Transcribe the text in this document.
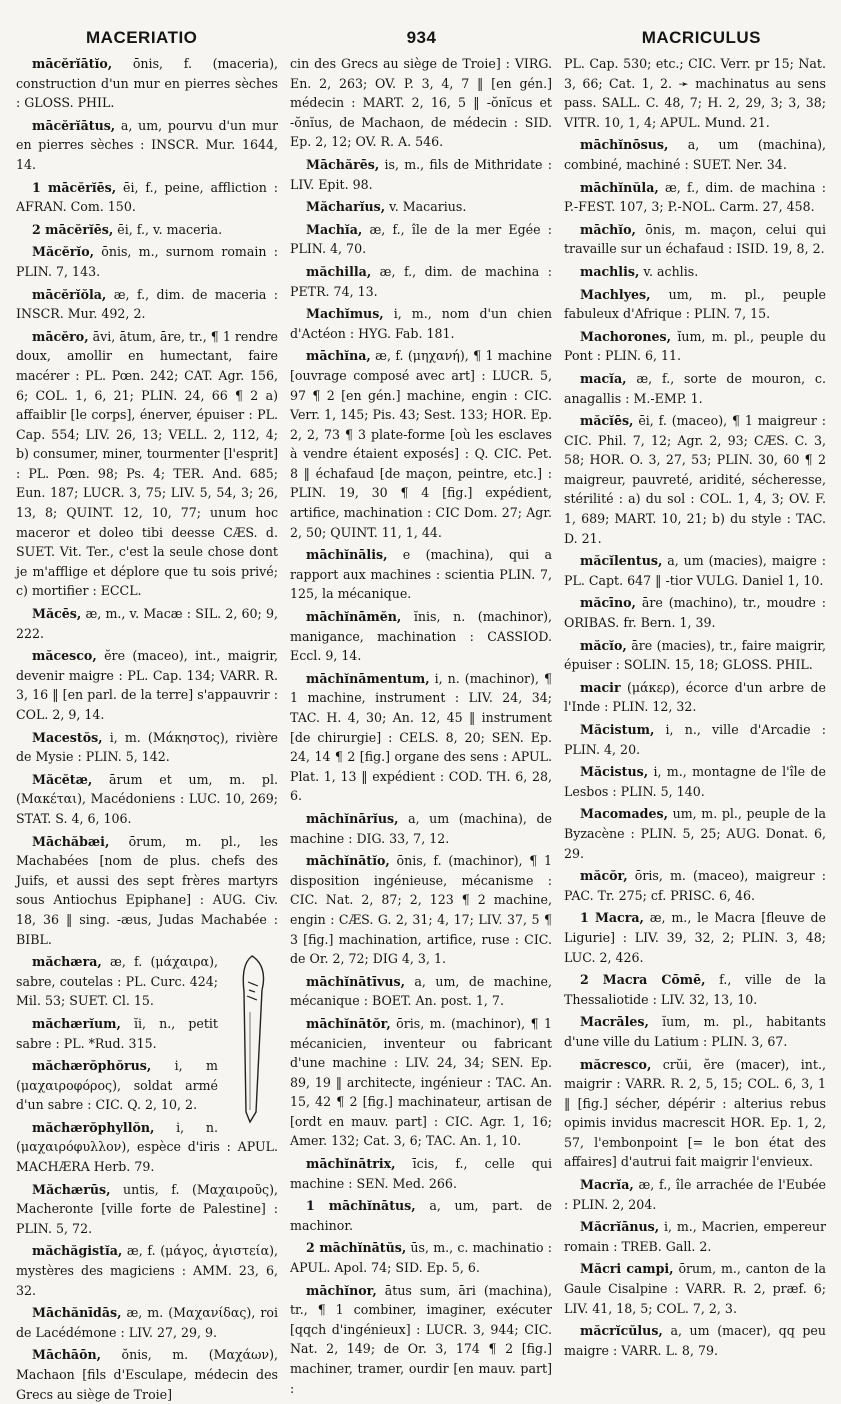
MACERIATIO	934	MACRICULUS

mācĕrĭātĭo, ōnis, f. (maceria), construction d'un mur en pierres sèches : GLOSS. PHIL.

mācĕrĭātus, a, um, pourvu d'un mur en pierres sèches : INSCR. Mur. 1644, 14.

1 mācĕrĭēs, ēi, f., peine, affliction : AFRAN. Com. 150.

2 mācĕrĭēs, ēi, f., v. maceria.

Măcĕrĭo, ōnis, m., surnom romain : PLIN. 7, 143.

mācĕrĭŏla, æ, f., dim. de maceria : INSCR. Mur. 492, 2.

mācĕro, āvi, ātum, āre, tr., ¶ 1 rendre doux, amollir en humectant, faire macérer : PL. Pœn. 242; CAT. Agr. 156, 6; COL. 1, 6, 21; PLIN. 24, 66 ¶ 2 a) affaiblir [le corps], énerver, épuiser : PL. Cap. 554; LIV. 26, 13; VELL. 2, 112, 4; b) consumer, miner, tourmenter [l'esprit] : PL. Pœn. 98; Ps. 4; TER. And. 685; Eun. 187; LUCR. 3, 75; LIV. 5, 54, 3; 26, 13, 8; QUINT. 12, 10, 77; unum hoc maceror et doleo tibi deesse CÆS. d. SUET. Vit. Ter., c'est la seule chose dont je m'afflige et déplore que tu sois privé; c) mortifier : ECCL.

Măcēs, æ, m., v. Macæ : SIL. 2, 60; 9, 222.

măcesco, ĕre (maceo), int., maigrir, devenir maigre : PL. Cap. 134; VARR. R. 3, 16 ‖ [en parl. de la terre] s'appauvrir : COL. 2, 9, 14.

Macestŏs, i, m. (Μάκηστος), rivière de Mysie : PLIN. 5, 142.

Măcĕtæ, ārum et um, m. pl. (Μακέται), Macédoniens : LUC. 10, 269; STAT. S. 4, 6, 106.

Māchăbæi, ōrum, m. pl., les Machabées [nom de plus. chefs des Juifs, et aussi des sept frères martyrs sous Antiochus Epiphane] : AUG. Civ. 18, 36 ‖ sing. -æus, Judas Machabée : BIBL.

măchæra, æ, f. (μάχαιρα), sabre, coutelas : PL. Curc. 424; Mil. 53; SUET. Cl. 15.

măchærĭum, ĭi, n., petit sabre : PL. *Rud. 315.

măchærŏphŏrus, i, m (μαχαιροφόρος), soldat armé d'un sabre : CIC. Q. 2, 10, 2.

măchærŏphyllŏn, i, n. (μαχαιρόφυλλον), espèce d'iris : APUL. MACHÆRA Herb. 79.

Măchærūs, untis, f. (Μαχαιροῦς), Macheronte [ville forte de Palestine] : PLIN. 5, 72.

măchăgistĭa, æ, f. (μάγος, ἁγιστεία), mystères des magiciens : AMM. 23, 6, 32.

Māchănīdās, æ, m. (Μαχανίδας), roi de Lacédémone : LIV. 27, 29, 9.

Māchāōn, ŏnis, m. (Μαχάων), Machaon [fils d'Esculape, médecin des Grecs au siège de Troie]

cin des Grecs au siège de Troie] : VIRG. En. 2, 263; OV. P. 3, 4, 7 ‖ [en gén.] médecin : MART. 2, 16, 5 ‖ -ŏnĭcus et -ŏnĭus, de Machaon, de médecin : SID. Ep. 2, 12; OV. R. A. 546.

Māchărēs, is, m., fils de Mithridate : LIV. Epit. 98.

Măcharĭus, v. Macarius.

Machĭa, æ, f., île de la mer Egée : PLIN. 4, 70.

măchilla, æ, f., dim. de machina : PETR. 74, 13.

Machĭmus, i, m., nom d'un chien d'Actéon : HYG. Fab. 181.

māchĭna, æ, f. (μηχανή), ¶ 1 machine [ouvrage composé avec art] : LUCR. 5, 97 ¶ 2 [en gén.] machine, engin : CIC. Verr. 1, 145; Pis. 43; Sest. 133; HOR. Ep. 2, 2, 73 ¶ 3 plate-forme [où les esclaves à vendre étaient exposés] : Q. CIC. Pet. 8 ‖ échafaud [de maçon, peintre, etc.] : PLIN. 19, 30 ¶ 4 [fig.] expédient, artifice, machination : CIC Dom. 27; Agr. 2, 50; QUINT. 11, 1, 44.

māchĭnālis, e (machina), qui a rapport aux machines : scientia PLIN. 7, 125, la mécanique.

māchĭnāmĕn, ĭnis, n. (machinor), manigance, machination : CASSIOD. Eccl. 9, 14.

māchĭnāmentum, i, n. (machinor), ¶ 1 machine, instrument : LIV. 24, 34; TAC. H. 4, 30; An. 12, 45 ‖ instrument [de chirurgie] : CELS. 8, 20; SEN. Ep. 24, 14 ¶ 2 [fig.] organe des sens : APUL. Plat. 1, 13 ‖ expédient : COD. TH. 6, 28, 6.

māchĭnārĭus, a, um (machina), de machine : DIG. 33, 7, 12.

māchĭnātĭo, ōnis, f. (machinor), ¶ 1 disposition ingénieuse, mécanisme : CIC. Nat. 2, 87; 2, 123 ¶ 2 machine, engin : CÆS. G. 2, 31; 4, 17; LIV. 37, 5 ¶ 3 [fig.] machination, artifice, ruse : CIC. de Or. 2, 72; DIG 4, 3, 1.

māchĭnātīvus, a, um, de machine, mécanique : BOET. An. post. 1, 7.

māchĭnātŏr, ōris, m. (machinor), ¶ 1 mécanicien, inventeur ou fabricant d'une machine : LIV. 24, 34; SEN. Ep. 89, 19 ‖ architecte, ingénieur : TAC. An. 15, 42 ¶ 2 [fig.] machinateur, artisan de [ordt en mauv. part] : CIC. Agr. 1, 16; Amer. 132; Cat. 3, 6; TAC. An. 1, 10.

māchĭnātrix, īcis, f., celle qui machine : SEN. Med. 266.

1 māchĭnātus, a, um, part. de machinor.

2 māchĭnātŭs, ūs, m., c. machinatio : APUL. Apol. 74; SID. Ep. 5, 6.

māchĭnor, ātus sum, āri (machina), tr., ¶ 1 combiner, imaginer, exécuter [qqch d'ingénieux] : LUCR. 3, 944; CIC. Nat. 2, 149; de Or. 3, 174 ¶ 2 [fig.] machiner, tramer, ourdir [en mauv. part] :

PL. Cap. 530; etc.; CIC. Verr. pr 15; Nat. 3, 66; Cat. 1, 2. ➛ machinatus au sens pass. SALL. C. 48, 7; H. 2, 29, 3; 3, 38; VITR. 10, 1, 4; APUL. Mund. 21.

māchĭnōsus, a, um (machina), combiné, machiné : SUET. Ner. 34.

māchĭnŭla, æ, f., dim. de machina : P.-FEST. 107, 3; P.-NOL. Carm. 27, 458.

māchĭo, ōnis, m. maçon, celui qui travaille sur un échafaud : ISID. 19, 8, 2.

machlis, v. achlis.

Machlyes, um, m. pl., peuple fabuleux d'Afrique : PLIN. 7, 15.

Machorones, ĭum, m. pl., peuple du Pont : PLIN. 6, 11.

macĭa, æ, f., sorte de mouron, c. anagallis : M.-EMP. 1.

măcĭēs, ēi, f. (maceo), ¶ 1 maigreur : CIC. Phil. 7, 12; Agr. 2, 93; CÆS. C. 3, 58; HOR. O. 3, 27, 53; PLIN. 30, 60 ¶ 2 maigreur, pauvreté, aridité, sécheresse, stérilité : a) du sol : COL. 1, 4, 3; OV. F. 1, 689; MART. 10, 21; b) du style : TAC. D. 21.

măcĭlentus, a, um (macies), maigre : PL. Capt. 647 ‖ -tior VULG. Daniel 1, 10.

măcīno, āre (machino), tr., moudre : ORIBAS. fr. Bern. 1, 39.

măcĭo, āre (macies), tr., faire maigrir, épuiser : SOLIN. 15, 18; GLOSS. PHIL.

macir (μάκερ), écorce d'un arbre de l'Inde : PLIN. 12, 32.

Măcistum, i, n., ville d'Arcadie : PLIN. 4, 20.

Măcistus, i, m., montagne de l'île de Lesbos : PLIN. 5, 140.

Macomades, um, m. pl., peuple de la Byzacène : PLIN. 5, 25; AUG. Donat. 6, 29.

măcŏr, ōris, m. (maceo), maigreur : PAC. Tr. 275; cf. PRISC. 6, 46.

1 Macra, æ, m., le Macra [fleuve de Ligurie] : LIV. 39, 32, 2; PLIN. 3, 48; LUC. 2, 426.

2 Macra Cōmē, f., ville de la Thessaliotide : LIV. 32, 13, 10.

Macrāles, ĭum, m. pl., habitants d'une ville du Latium : PLIN. 3, 67.

măcresco, crŭi, ĕre (macer), int., maigrir : VARR. R. 2, 5, 15; COL. 6, 3, 1 ‖ [fig.] sécher, dépérir : alterius rebus opimis invidus macrescit HOR. Ep. 1, 2, 57, l'embonpoint [= le bon état des affaires] d'autrui fait maigrir l'envieux.

Macrĭa, æ, f., île arrachée de l'Eubée : PLIN. 2, 204.

Măcrĭānus, i, m., Macrien, empereur romain : TREB. Gall. 2.

Măcri campi, ōrum, m., canton de la Gaule Cisalpine : VARR. R. 2, præf. 6; LIV. 41, 18, 5; COL. 7, 2, 3.

măcrĭcŭlus, a, um (macer), qq peu maigre : VARR. L. 8, 79.
